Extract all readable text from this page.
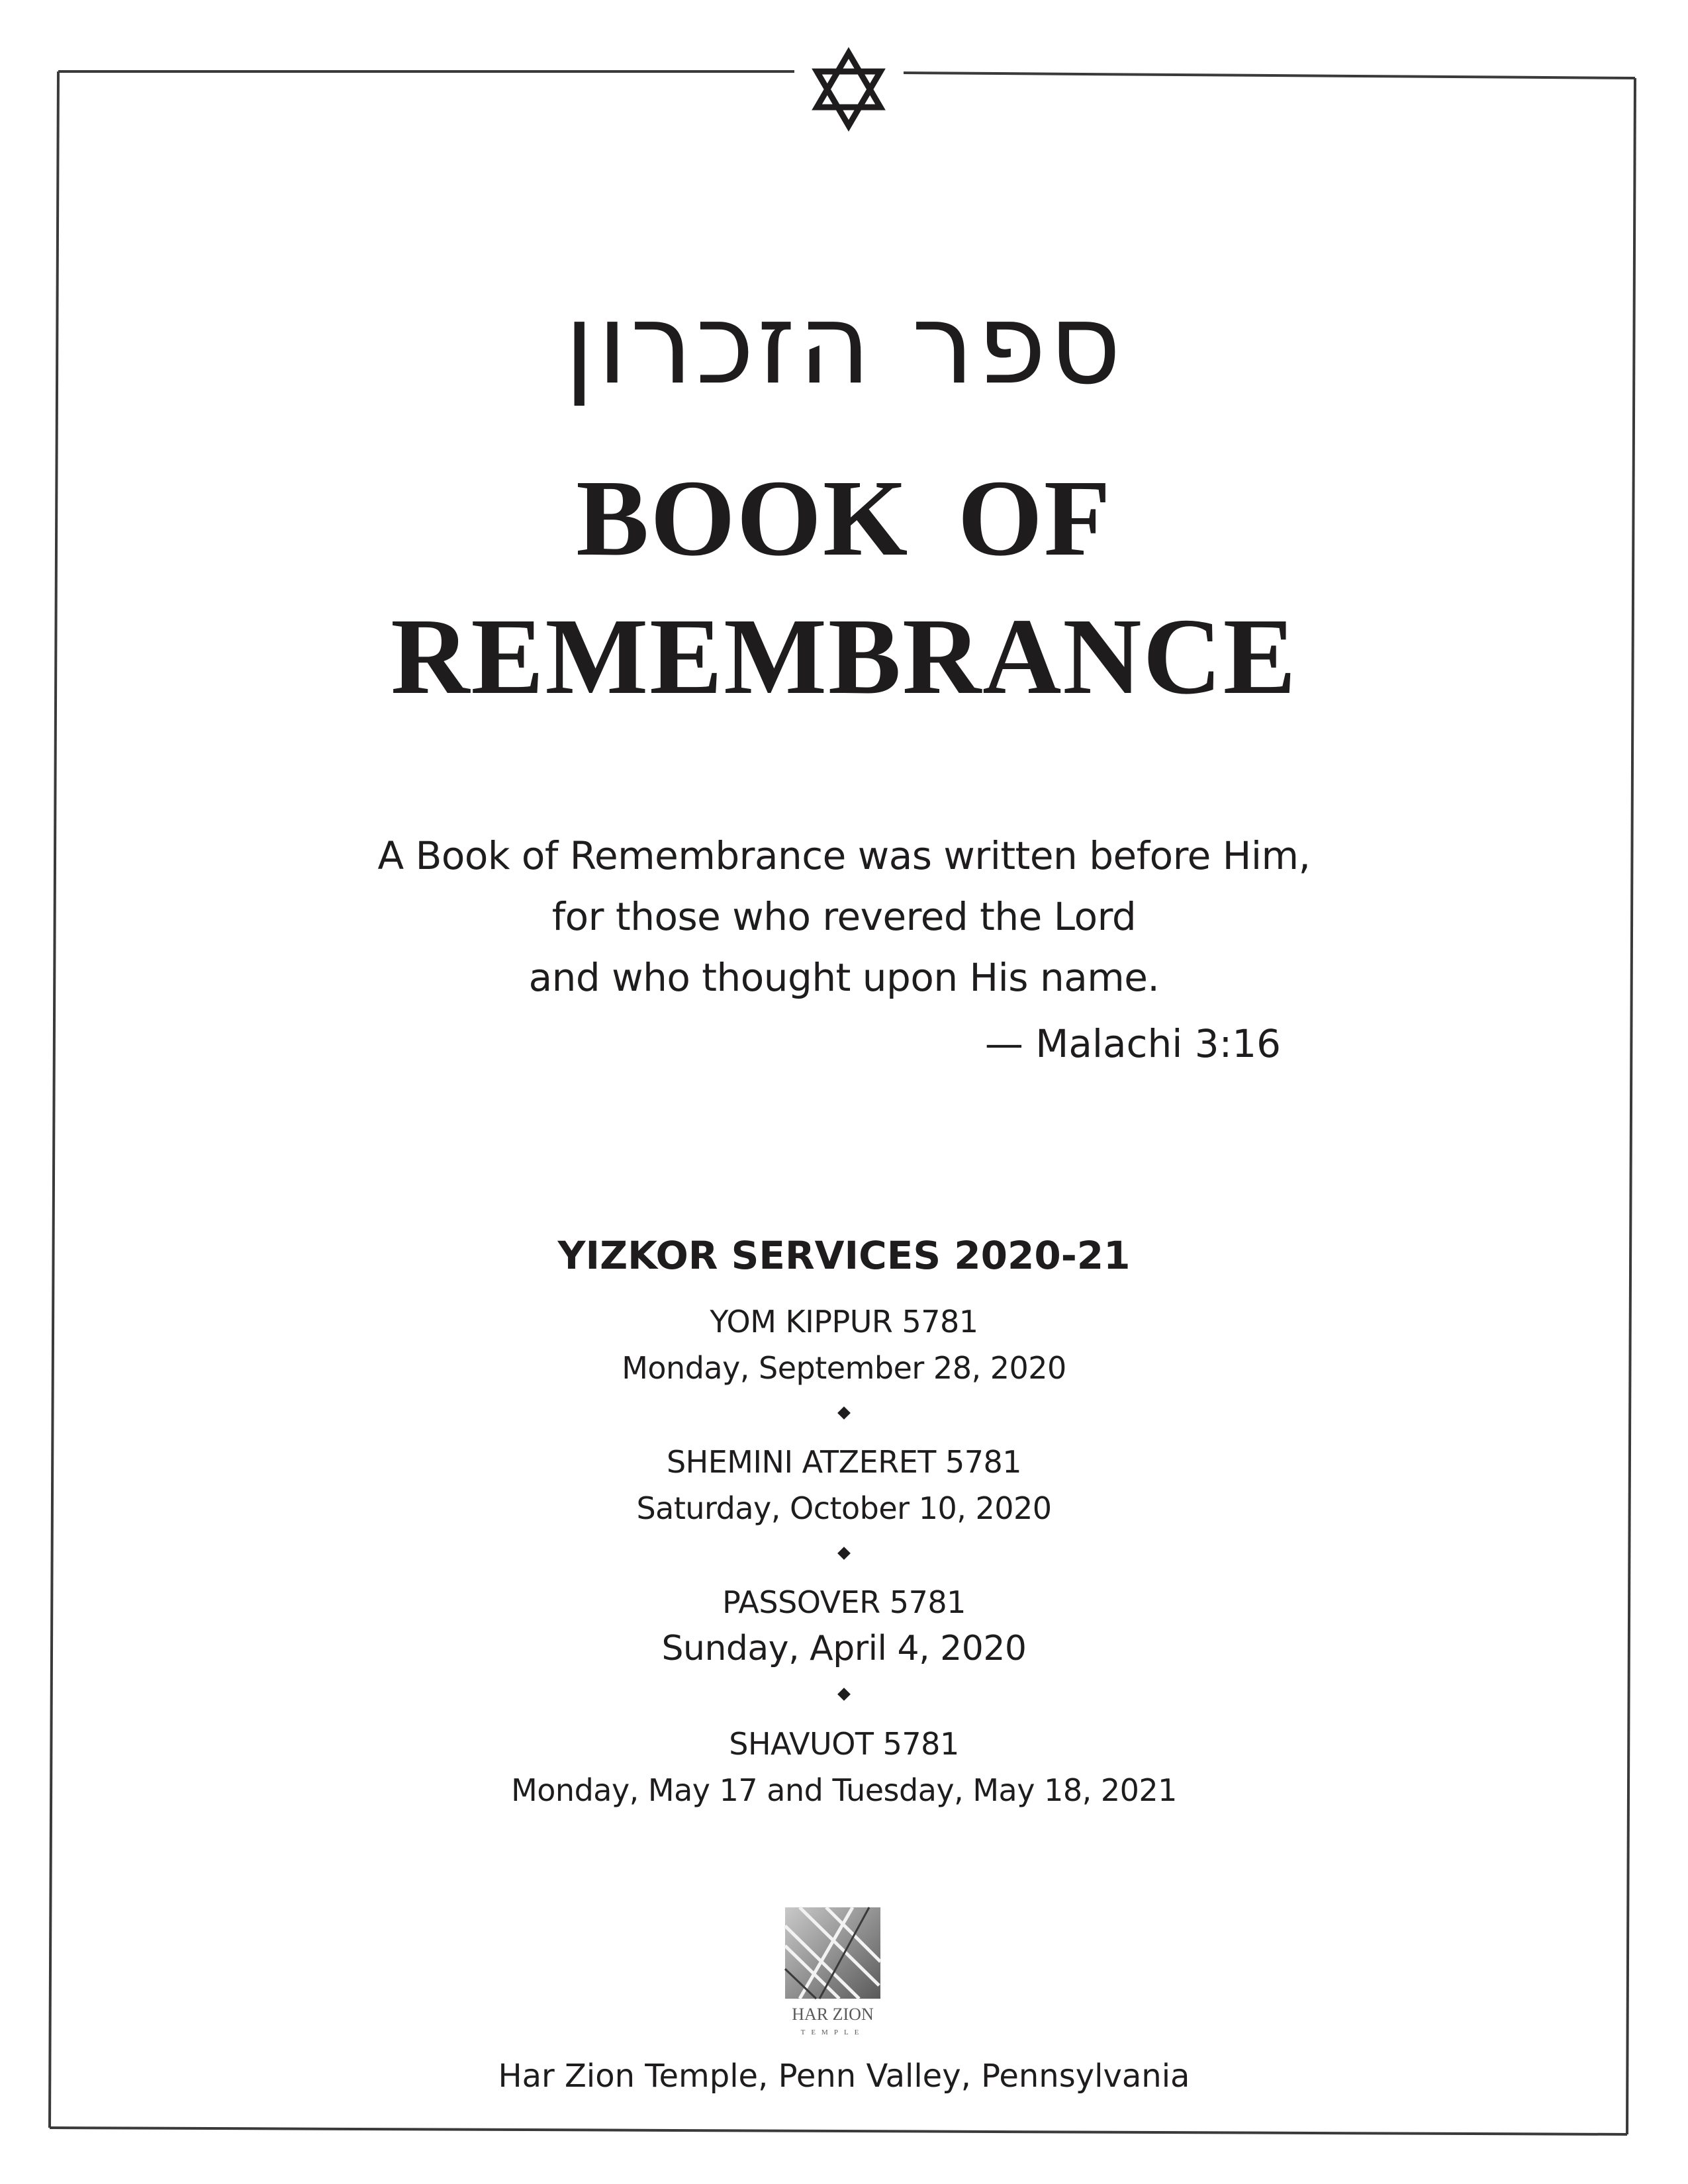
ספר הזכרון
BOOK OF
REMEMBRANCE
A Book of Remembrance was written before Him,
for those who revered the Lord
and who thought upon His name.
— Malachi 3:16
YIZKOR SERVICES 2020-21
YOM KIPPUR 5781
Monday, September 28, 2020
SHEMINI ATZERET 5781
Saturday, October 10, 2020
PASSOVER 5781
Sunday, April 4, 2020
SHAVUOT 5781
Monday, May 17 and Tuesday, May 18, 2021
HAR ZION
TEMPLE
Har Zion Temple, Penn Valley, Pennsylvania
